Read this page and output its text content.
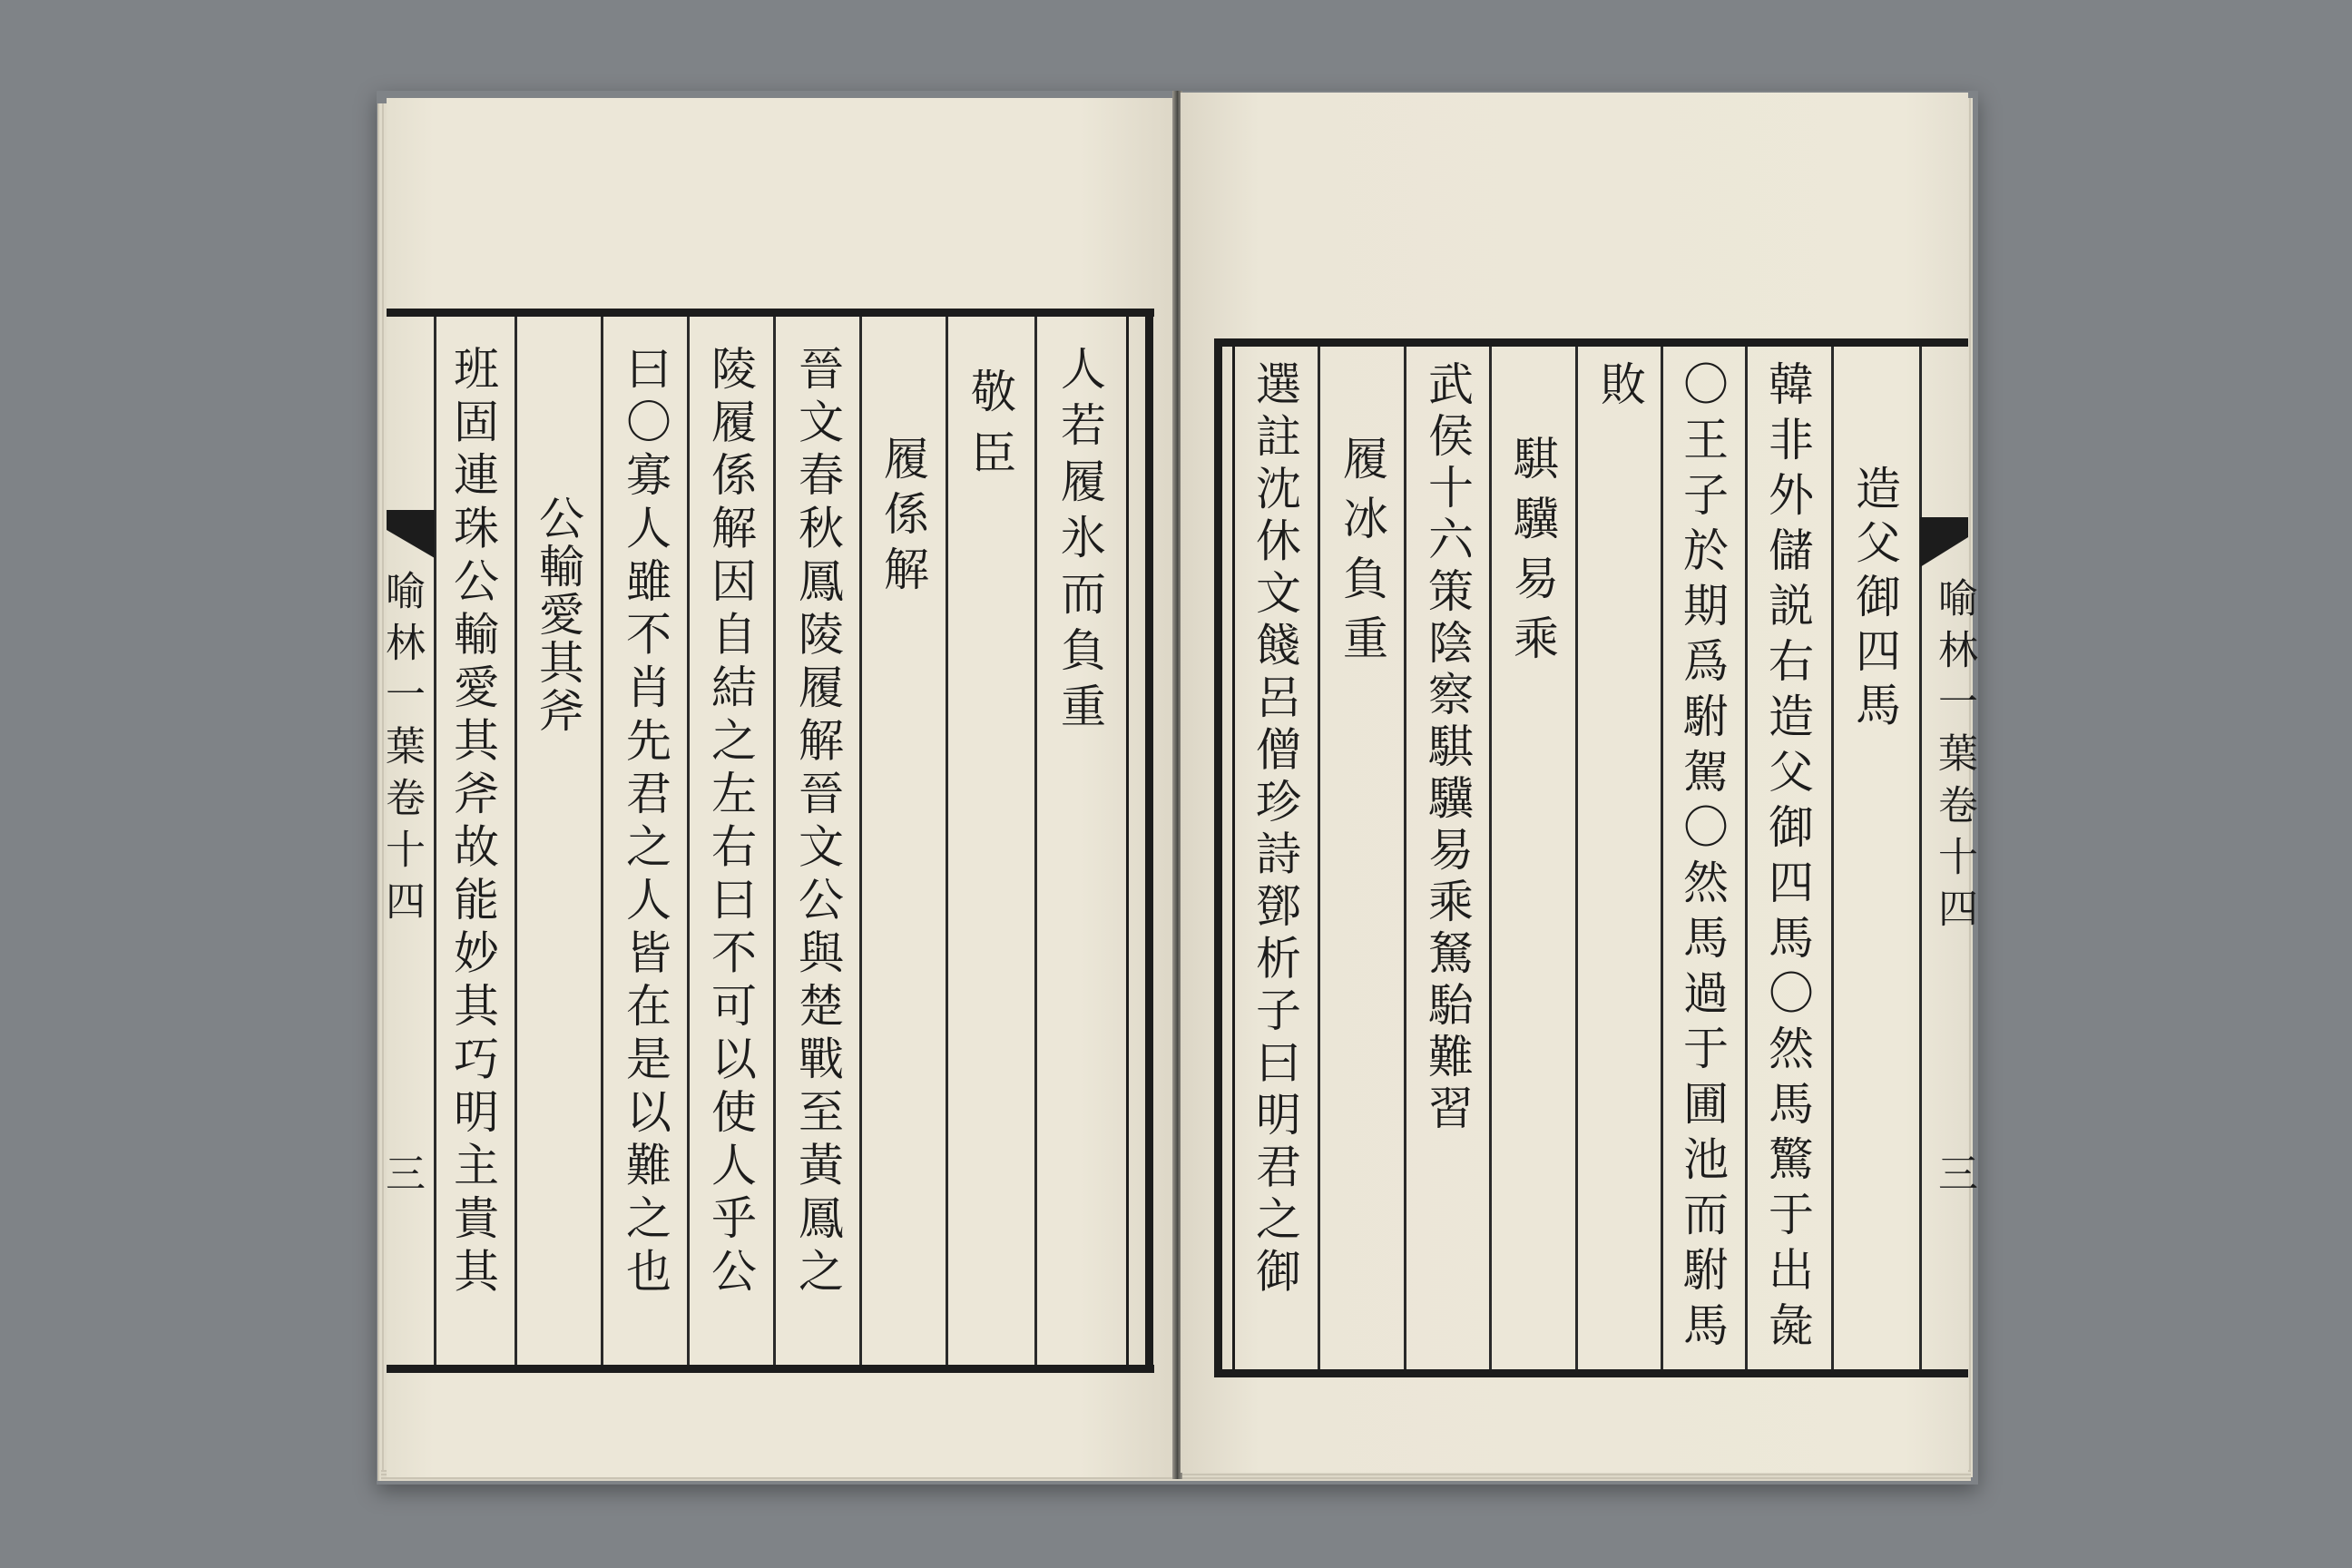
喻林一葉卷十四
三
人若履氷而負重
敬臣
履係解
晉文春秋鳳陵履解晉文公與楚戰至黃鳳之
陵履係解因自結之左右曰不可以使人乎公
曰〇寡人雖不肖先君之人皆在是以難之也
公輸愛其斧
班固連珠公輸愛其斧故能妙其巧明主貴其	喻林一葉卷十四
三
造父御四馬
韓非外儲説右造父御四馬〇然馬驚于出彘
〇王子於期爲駙駕〇然馬過于圃池而駙馬
敗
騏驥易乘
武侯十六策陰察騏驥易乘駑駘難習
履冰負重
選註沈休文餞呂僧珍詩鄧析子曰明君之御
